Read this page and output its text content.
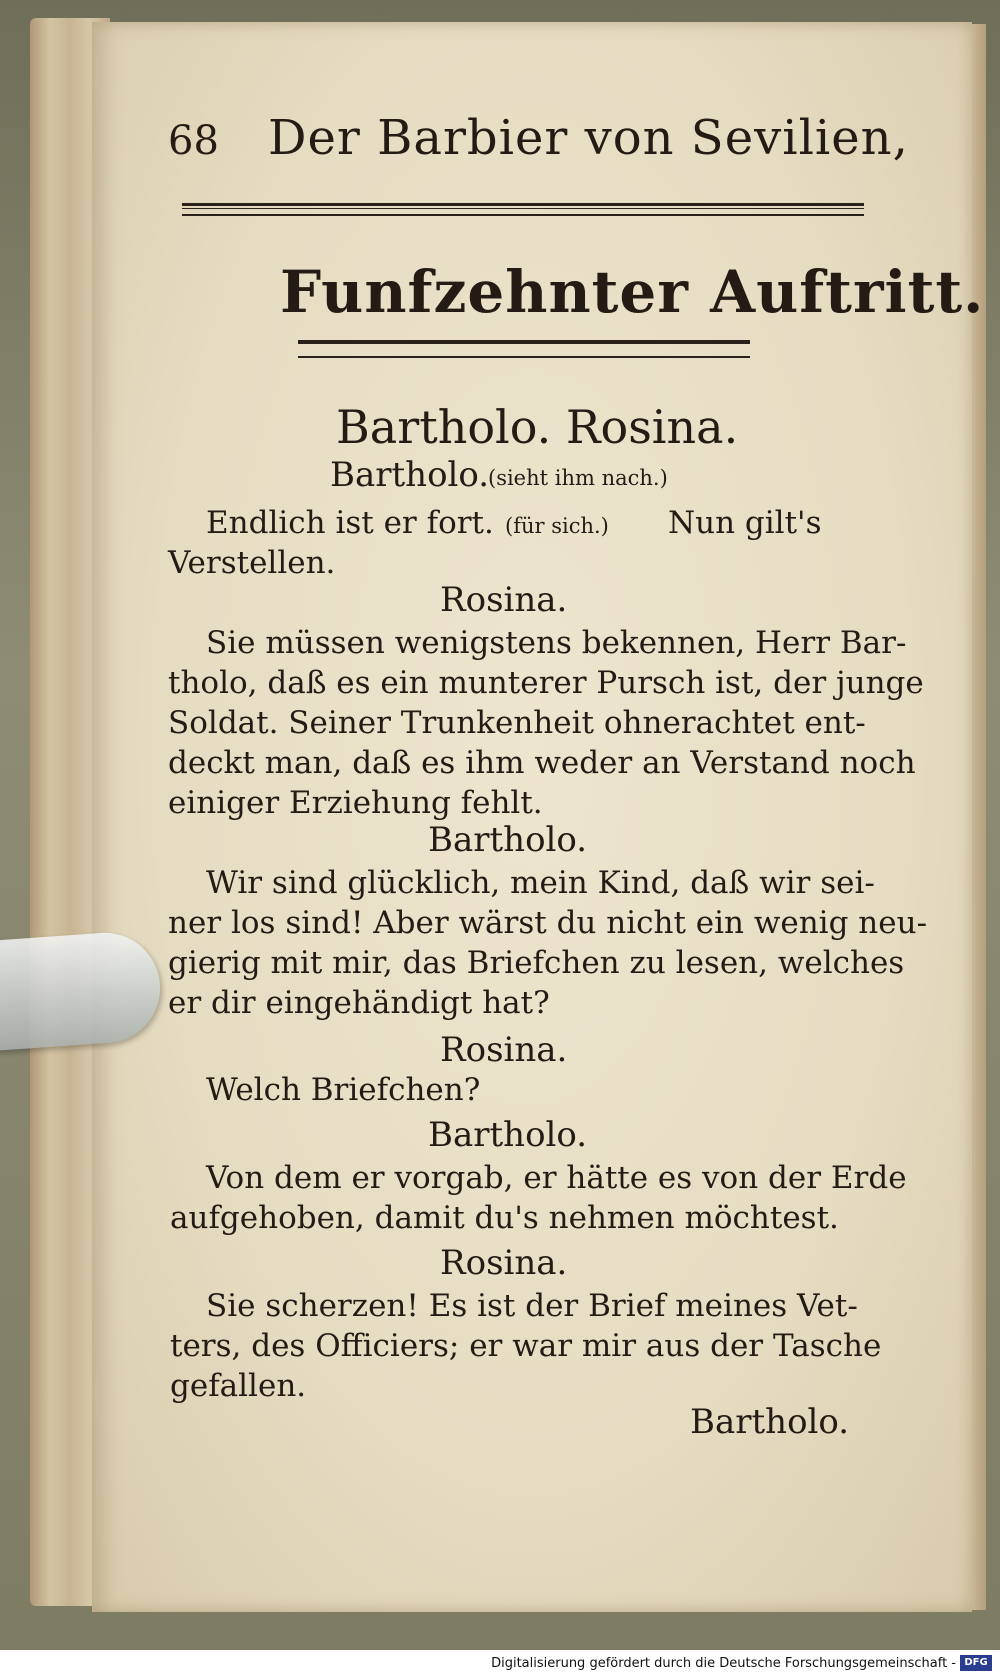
68 Der Barbier von Sevilien,
Funfzehnter Auftritt.
Bartholo. Rosina.
Bartholo.
(sieht ihm nach.)
Endlich ist er fort. (für sich.) Nun gilt's
Verstellen.
Rosina.
Sie müssen wenigstens bekennen, Herr Bar-
tholo, daß es ein munterer Pursch ist, der junge
Soldat. Seiner Trunkenheit ohnerachtet ent-
deckt man, daß es ihm weder an Verstand noch
einiger Erziehung fehlt.
Bartholo.
Wir sind glücklich, mein Kind, daß wir sei-
ner los sind! Aber wärst du nicht ein wenig neu-
gierig mit mir, das Briefchen zu lesen, welches
er dir eingehändigt hat?
Rosina.
Welch Briefchen?
Bartholo.
Von dem er vorgab, er hätte es von der Erde
aufgehoben, damit du's nehmen möchtest.
Rosina.
Sie scherzen! Es ist der Brief meines Vet-
ters, des Officiers; er war mir aus der Tasche
gefallen.
Bartholo.
Digitalisierung gefördert durch die Deutsche Forschungsgemeinschaft - DFG
